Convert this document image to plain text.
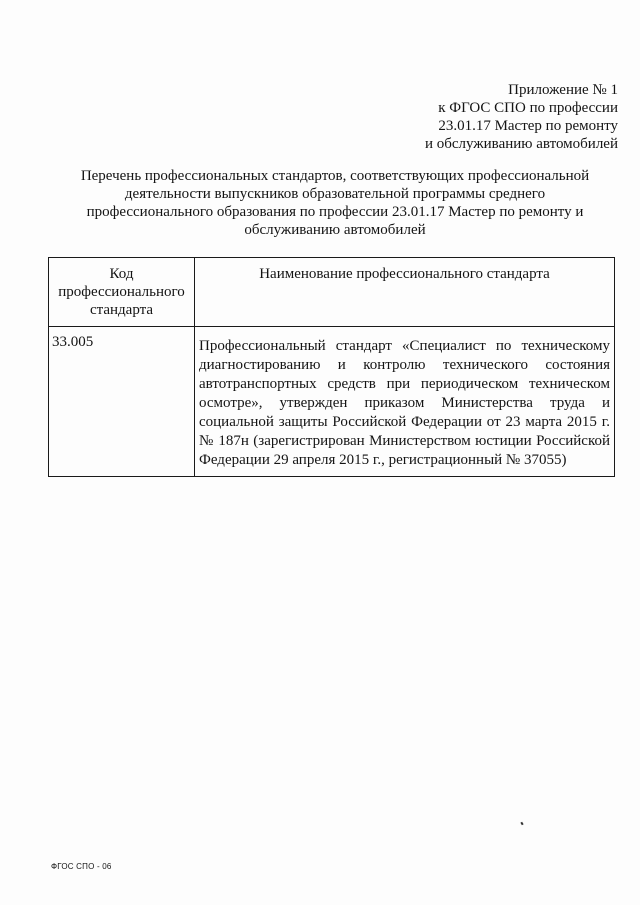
Приложение № 1
к ФГОС СПО по профессии
23.01.17 Мастер по ремонту
и обслуживанию автомобилей
Перечень профессиональных стандартов, соответствующих профессиональной
деятельности выпускников образовательной программы среднего
профессионального образования по профессии 23.01.17 Мастер по ремонту и
обслуживанию автомобилей
Код профессионального стандарта	Наименование профессионального стандарта
33.005	Профессиональный стандарт «Специалист по техническому диагностированию и контролю технического состояния автотранспортных средств при периодическом техническом осмотре», утвержден приказом Министерства труда и социальной защиты Российской Федерации от 23 марта 2015 г. № 187н (зарегистрирован Министерством юстиции Российской Федерации 29 апреля 2015 г., регистрационный № 37055)
ФГОС СПО - 06
